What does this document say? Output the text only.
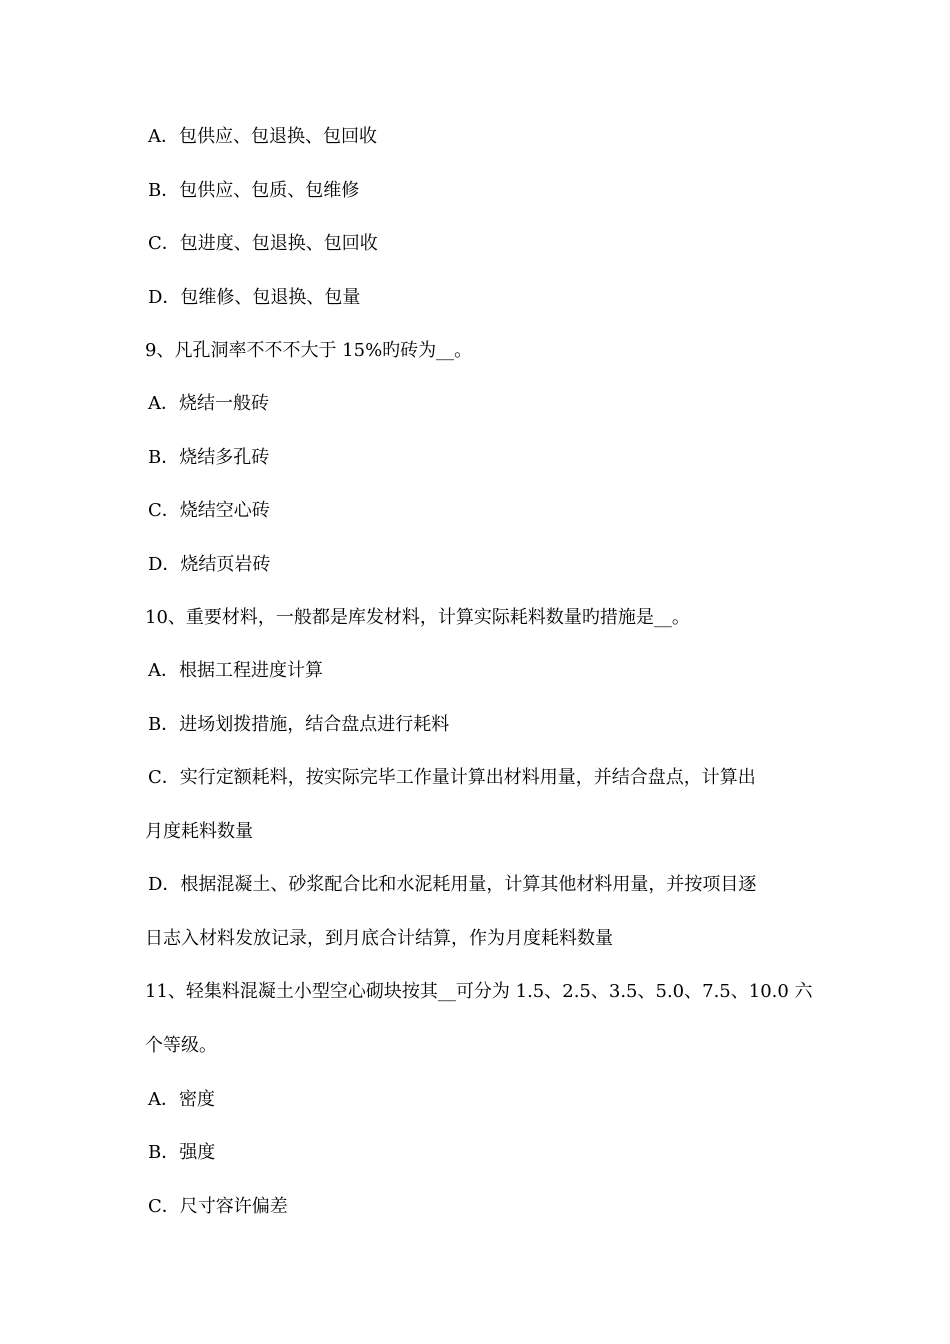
A．包供应、包退换、包回收
B．包供应、包质、包维修
C．包进度、包退换、包回收
D．包维修、包退换、包量
9、凡孔洞率不不不大于 15%旳砖为__。
A．烧结一般砖
B．烧结多孔砖
C．烧结空心砖
D．烧结页岩砖
10、重要材料，一般都是库发材料，计算实际耗料数量旳措施是__。
A．根据工程进度计算
B．进场划拨措施，结合盘点进行耗料
C．实行定额耗料，按实际完毕工作量计算出材料用量，并结合盘点，计算出
月度耗料数量
D．根据混凝土、砂浆配合比和水泥耗用量，计算其他材料用量，并按项目逐
日志入材料发放记录，到月底合计结算，作为月度耗料数量
11、轻集料混凝土小型空心砌块按其__可分为 1.5、2.5、3.5、5.0、7.5、10.0 六
个等级。
A．密度
B．强度
C．尺寸容许偏差
